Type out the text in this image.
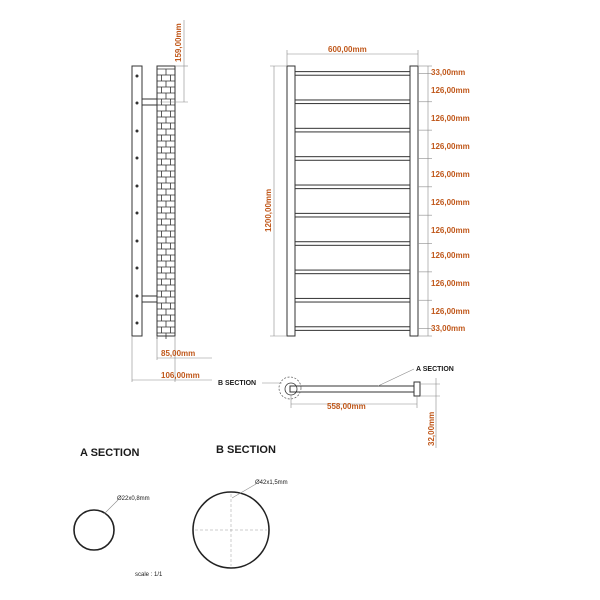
159,00mm
85,00mm
106,00mm
600,00mm
1200,00mm
33,00mm
126,00mm
126,00mm
126,00mm
126,00mm
126,00mm
126,00mm
126,00mm
126,00mm
126,00mm
33,00mm
B SECTION
A SECTION
558,00mm
32,00mm
A SECTION
Ø22x0,8mm
B SECTION
Ø42x1,5mm
scale : 1/1
